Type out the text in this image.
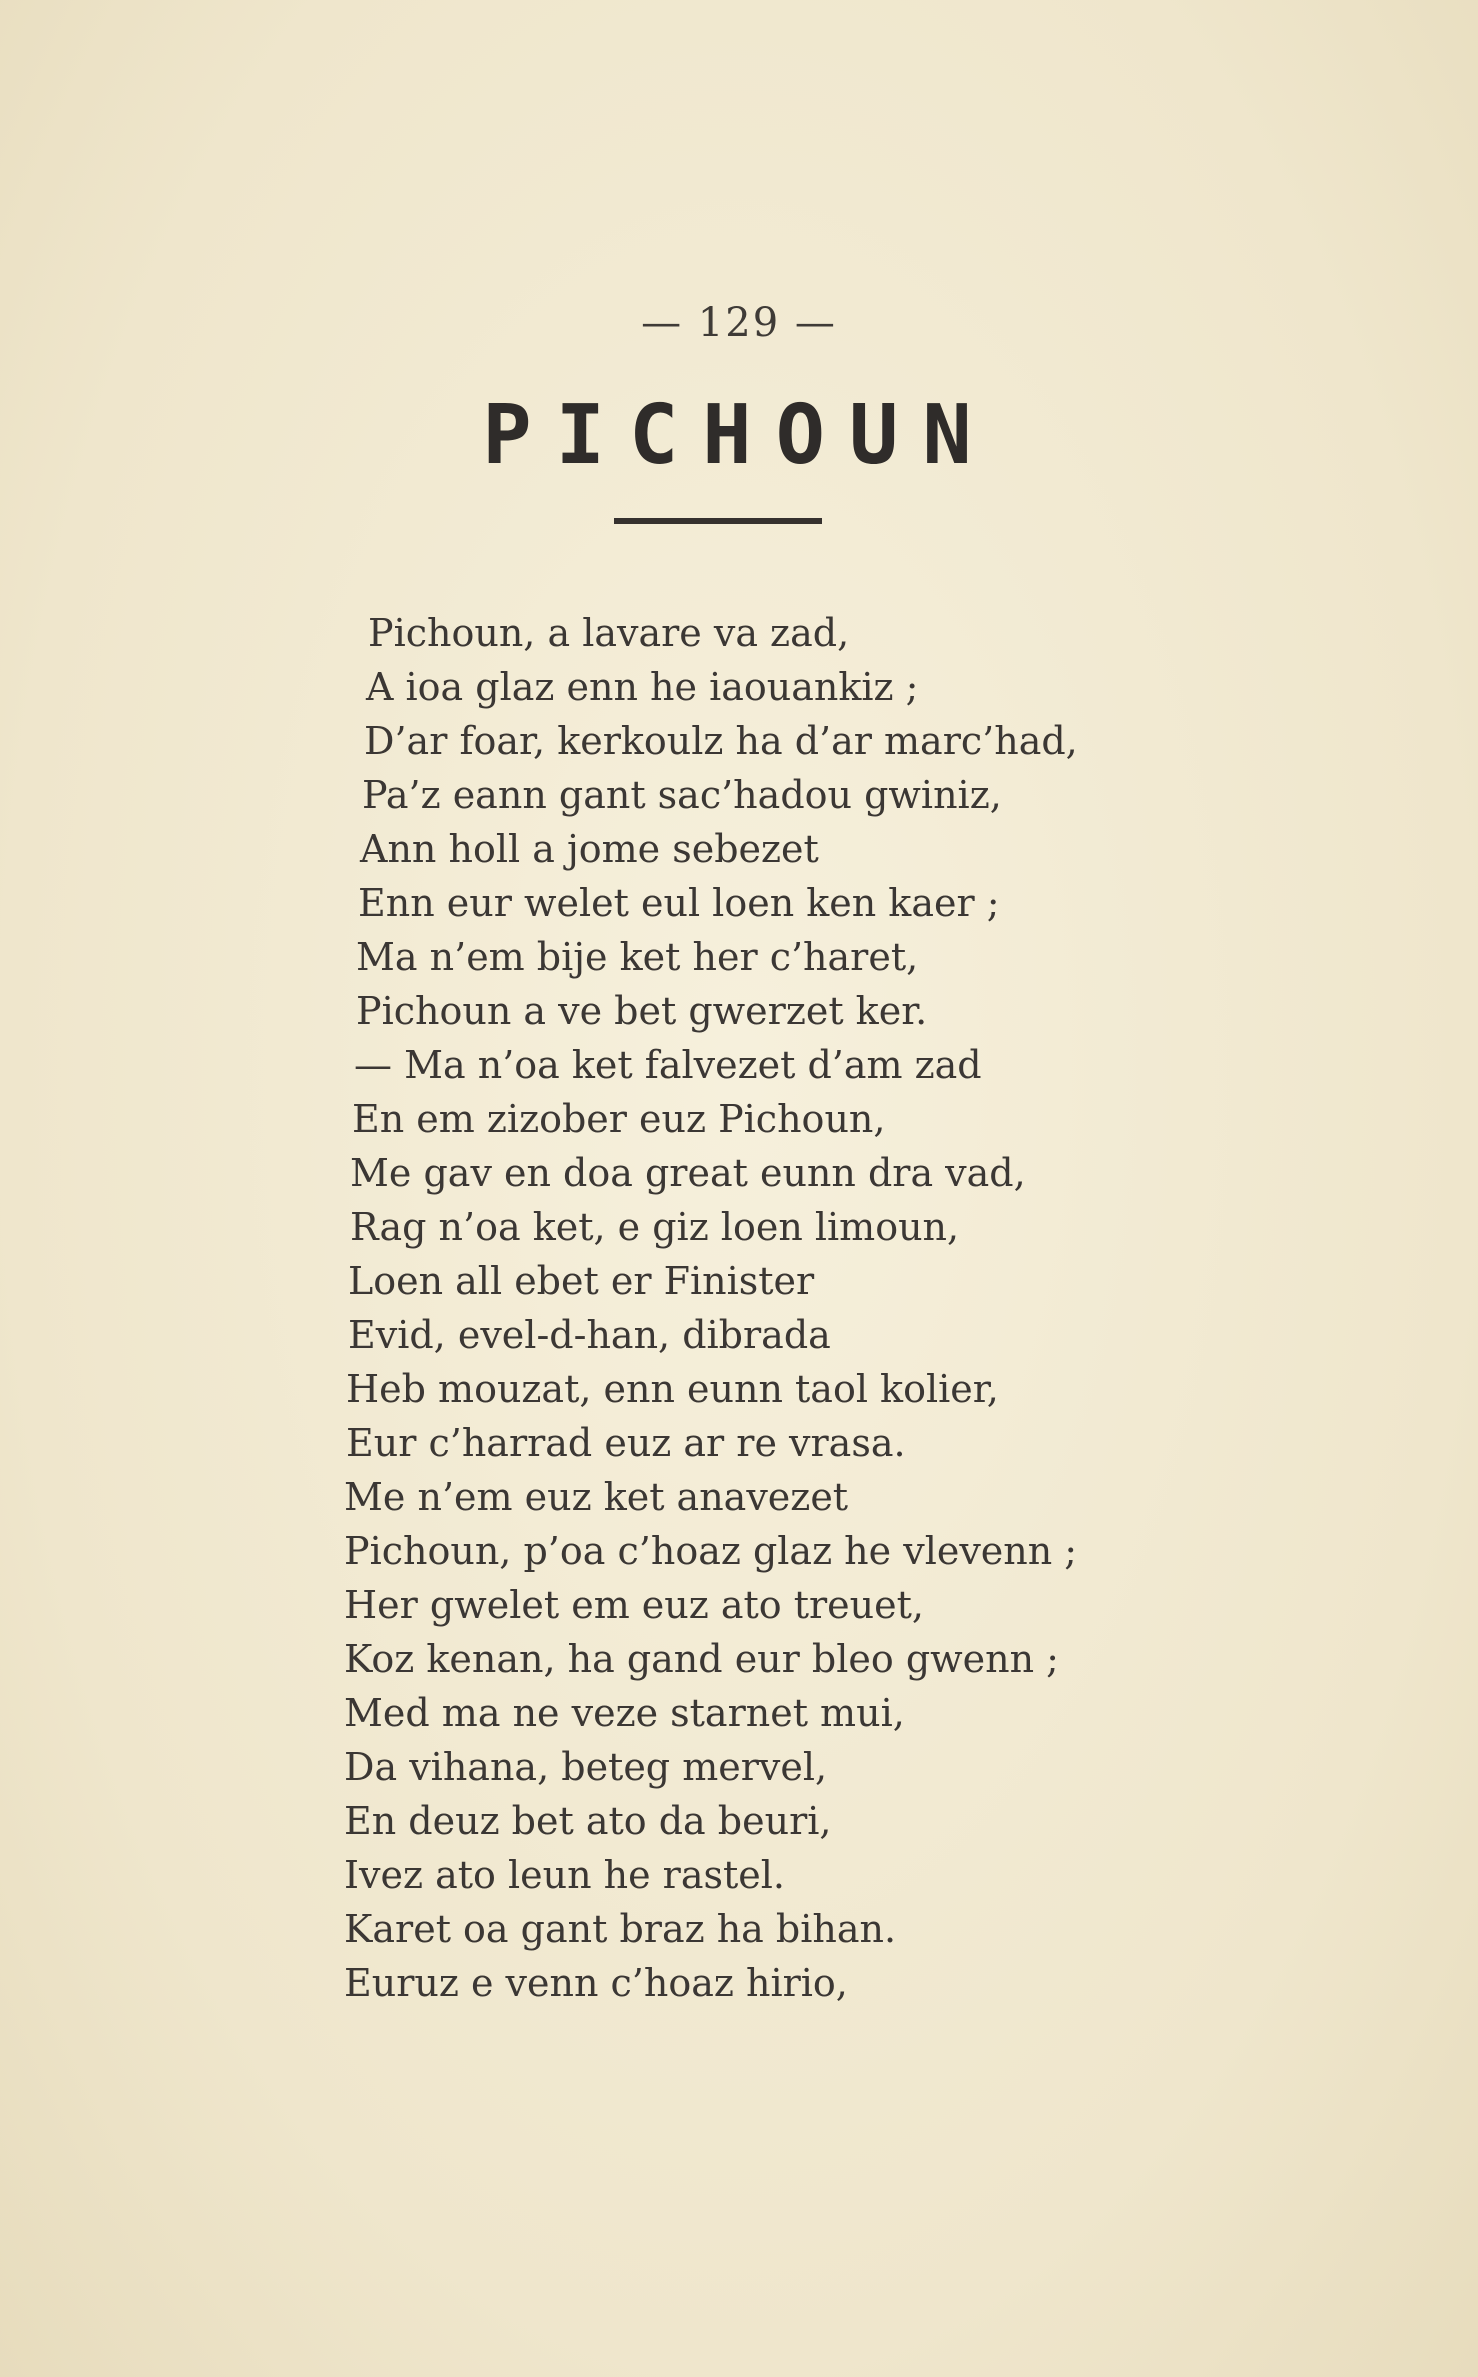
— 129 —
PICHOUN
Pichoun, a lavare va zad,
A ioa glaz enn he iaouankiz ;
D’ar foar, kerkoulz ha d’ar marc’had,
Pa’z eann gant sac’hadou gwiniz,
Ann holl a jome sebezet
Enn eur welet eul loen ken kaer ;
Ma n’em bije ket her c’haret,
Pichoun a ve bet gwerzet ker.
— Ma n’oa ket falvezet d’am zad
En em zizober euz Pichoun,
Me gav en doa great eunn dra vad,
Rag n’oa ket, e giz loen limoun,
Loen all ebet er Finister
Evid, evel-d-han, dibrada
Heb mouzat, enn eunn taol kolier,
Eur c’harrad euz ar re vrasa.
Me n’em euz ket anavezet
Pichoun, p’oa c’hoaz glaz he vlevenn ;
Her gwelet em euz ato treuet,
Koz kenan, ha gand eur bleo gwenn ;
Med ma ne veze starnet mui,
Da vihana, beteg mervel,
En deuz bet ato da beuri,
Ivez ato leun he rastel.
Karet oa gant braz ha bihan.
Euruz e venn c’hoaz hirio,
